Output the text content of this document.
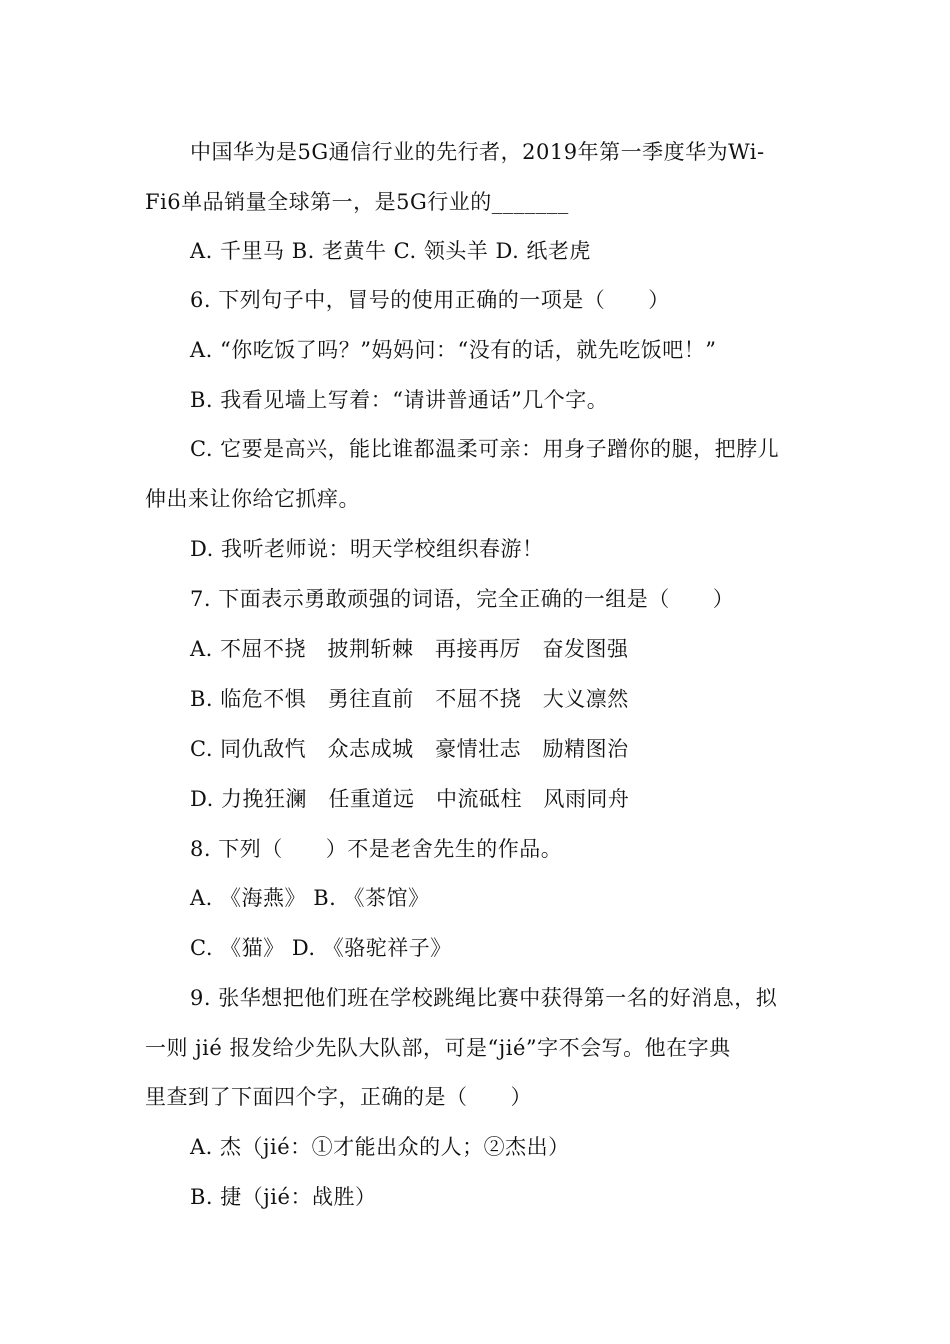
中国华为是5G通信行业的先行者，2019年第一季度华为Wi-
Fi6单品销量全球第一，是5G行业的_______
A. 千里马 B. 老黄牛 C. 领头羊 D. 纸老虎
6. 下列句子中，冒号的使用正确的一项是（　　）
A. “你吃饭了吗？”妈妈问：“没有的话，就先吃饭吧！”
B. 我看见墙上写着：“请讲普通话”几个字。
C. 它要是高兴，能比谁都温柔可亲：用身子蹭你的腿，把脖儿
伸出来让你给它抓痒。
D. 我听老师说：明天学校组织春游！
7. 下面表示勇敢顽强的词语，完全正确的一组是（　　）
A. 不屈不挠　披荆斩棘　再接再厉　奋发图强
B. 临危不惧　勇往直前　不屈不挠　大义凛然
C. 同仇敌忾　众志成城　豪情壮志　励精图治
D. 力挽狂澜　任重道远　中流砥柱　风雨同舟
8. 下列（　　）不是老舍先生的作品。
A. 《海燕》 B. 《茶馆》
C. 《猫》 D. 《骆驼祥子》
9. 张华想把他们班在学校跳绳比赛中获得第一名的好消息，拟
一则 jié 报发给少先队大队部，可是“jié”字不会写。他在字典
里查到了下面四个字，正确的是（　　）
A. 杰（jié：①才能出众的人；②杰出）
B. 捷（jié：战胜）
